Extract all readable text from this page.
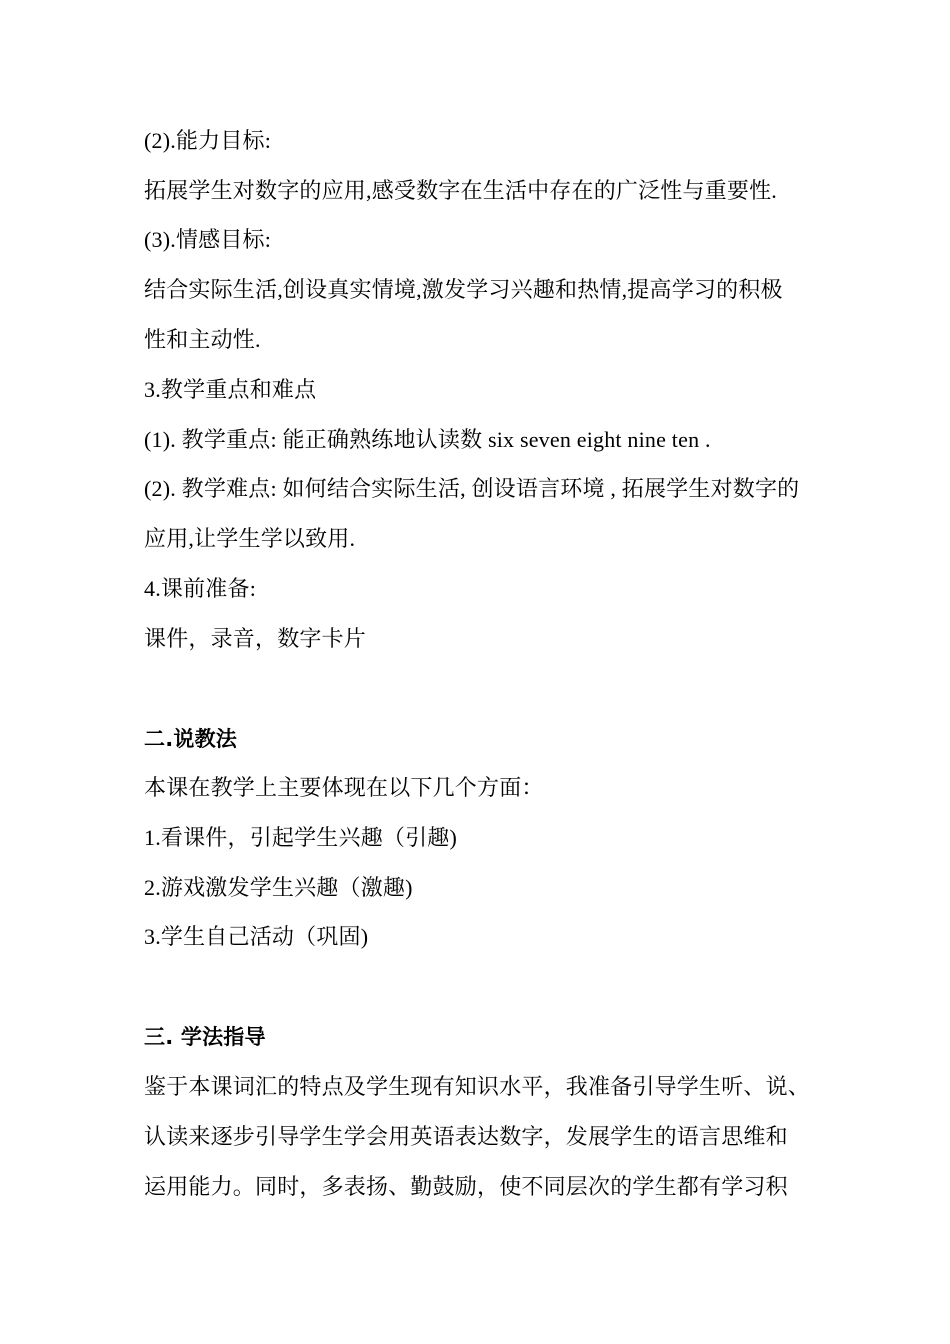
(2).能力目标:
拓展学生对数字的应用,感受数字在生活中存在的广泛性与重要性.
(3).情感目标:
结合实际生活,创设真实情境,激发学习兴趣和热情,提高学习的积极
性和主动性.
3.教学重点和难点
(1). 教学重点: 能正确熟练地认读数 six seven eight nine ten .
(2). 教学难点: 如何结合实际生活, 创设语言环境 , 拓展学生对数字的
应用,让学生学以致用.
4.课前准备:
课件，录音，数字卡片
二.说教法
本课在教学上主要体现在以下几个方面：
1.看课件，引起学生兴趣（引趣)
2.游戏激发学生兴趣（激趣)
3.学生自己活动（巩固)
三. 学法指导
鉴于本课词汇的特点及学生现有知识水平，我准备引导学生听、说、
认读来逐步引导学生学会用英语表达数字，发展学生的语言思维和
运用能力。同时，多表扬、勤鼓励，使不同层次的学生都有学习积
